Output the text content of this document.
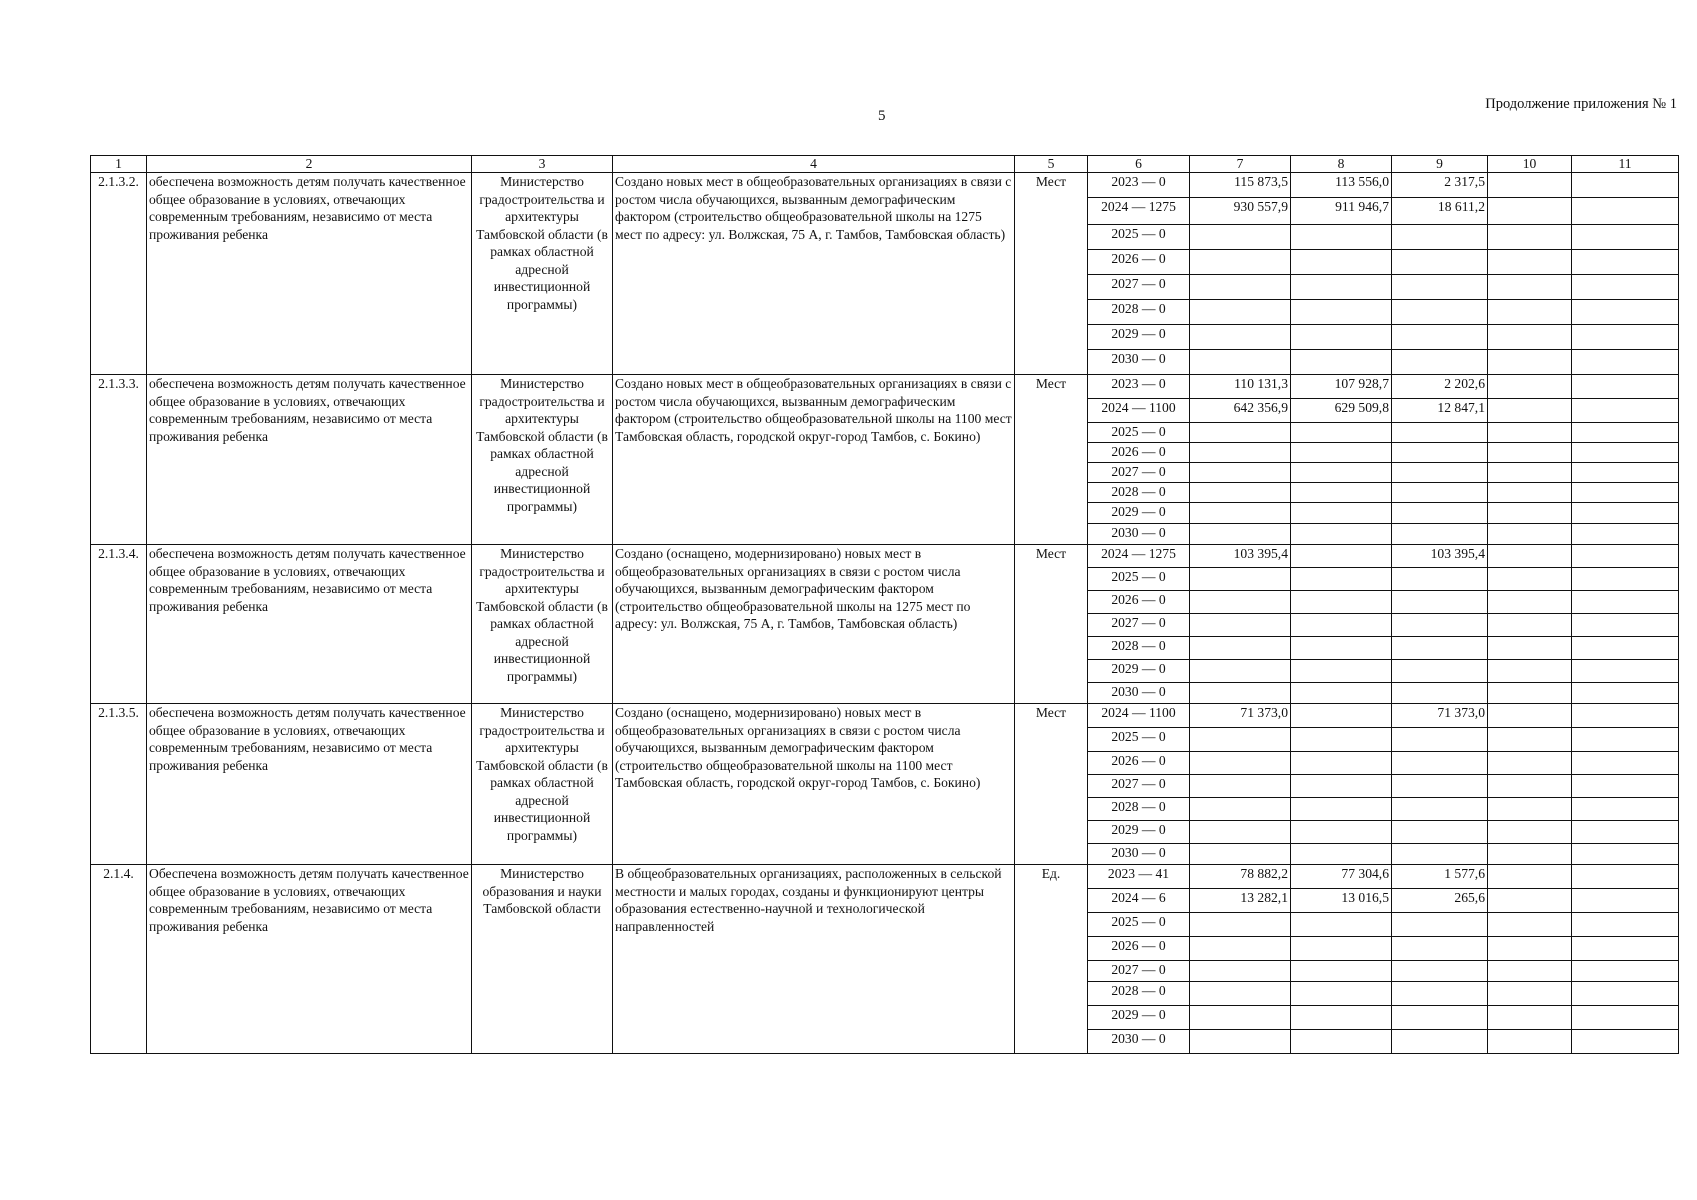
5
Продолжение приложения № 1
1	2	3	4	5	6	7	8	9	10	11
2.1.3.2.	обеспечена возможность детям получать качественное общее образование в условиях, отвечающих современным требованиям, независимо от места проживания ребенка	Министерство градостроительства и архитектуры Тамбовской области (в рамках областной адресной инвестиционной программы)	Создано новых мест в общеобразовательных организациях в связи с ростом числа обучающихся, вызванным демографическим фактором (строительство общеобразовательной школы на 1275 мест по адресу: ул. Волжская, 75 А, г. Тамбов, Тамбовская область)	Мест	2023 — 0	115 873,5	113 556,0	2 317,5		
					2024 — 1275	930 557,9	911 946,7	18 611,2		
					2025 — 0					
					2026 — 0					
					2027 — 0					
					2028 — 0					
					2029 — 0					
					2030 — 0					
2.1.3.3.	обеспечена возможность детям получать качественное общее образование в условиях, отвечающих современным требованиям, независимо от места проживания ребенка	Министерство градостроительства и архитектуры Тамбовской области (в рамках областной адресной инвестиционной программы)	Создано новых мест в общеобразовательных организациях в связи с ростом числа обучающихся, вызванным демографическим фактором (строительство общеобразовательной школы на 1100 мест Тамбовская область, городской округ-город Тамбов, с. Бокино)	Мест	2023 — 0	110 131,3	107 928,7	2 202,6		
					2024 — 1100	642 356,9	629 509,8	12 847,1		
					2025 — 0					
					2026 — 0					
					2027 — 0					
					2028 — 0					
					2029 — 0					
					2030 — 0					
2.1.3.4.	обеспечена возможность детям получать качественное общее образование в условиях, отвечающих современным требованиям, независимо от места проживания ребенка	Министерство градостроительства и архитектуры Тамбовской области (в рамках областной адресной инвестиционной программы)	Создано (оснащено, модернизировано) новых мест в общеобразовательных организациях в связи с ростом числа обучающихся, вызванным демографическим фактором (строительство общеобразовательной школы на 1275 мест по адресу: ул. Волжская, 75 А, г. Тамбов, Тамбовская область)	Мест	2024 — 1275	103 395,4		103 395,4		
					2025 — 0					
					2026 — 0					
					2027 — 0					
					2028 — 0					
					2029 — 0					
					2030 — 0					
2.1.3.5.	обеспечена возможность детям получать качественное общее образование в условиях, отвечающих современным требованиям, независимо от места проживания ребенка	Министерство градостроительства и архитектуры Тамбовской области (в рамках областной адресной инвестиционной программы)	Создано (оснащено, модернизировано) новых мест в общеобразовательных организациях в связи с ростом числа обучающихся, вызванным демографическим фактором (строительство общеобразовательной школы на 1100 мест Тамбовская область, городской округ-город Тамбов, с. Бокино)	Мест	2024 — 1100	71 373,0		71 373,0		
					2025 — 0					
					2026 — 0					
					2027 — 0					
					2028 — 0					
					2029 — 0					
					2030 — 0					
2.1.4.	Обеспечена возможность детям получать качественное общее образование в условиях, отвечающих современным требованиям, независимо от места проживания ребенка	Министерство образования и науки Тамбовской области	В общеобразовательных организациях, расположенных в сельской местности и малых городах, созданы и функционируют центры образования естественно-научной и технологической направленностей	Ед.	2023 — 41	78 882,2	77 304,6	1 577,6		
					2024 — 6	13 282,1	13 016,5	265,6		
					2025 — 0					
					2026 — 0					
					2027 — 0					
					2028 — 0					
					2029 — 0					
					2030 — 0					
